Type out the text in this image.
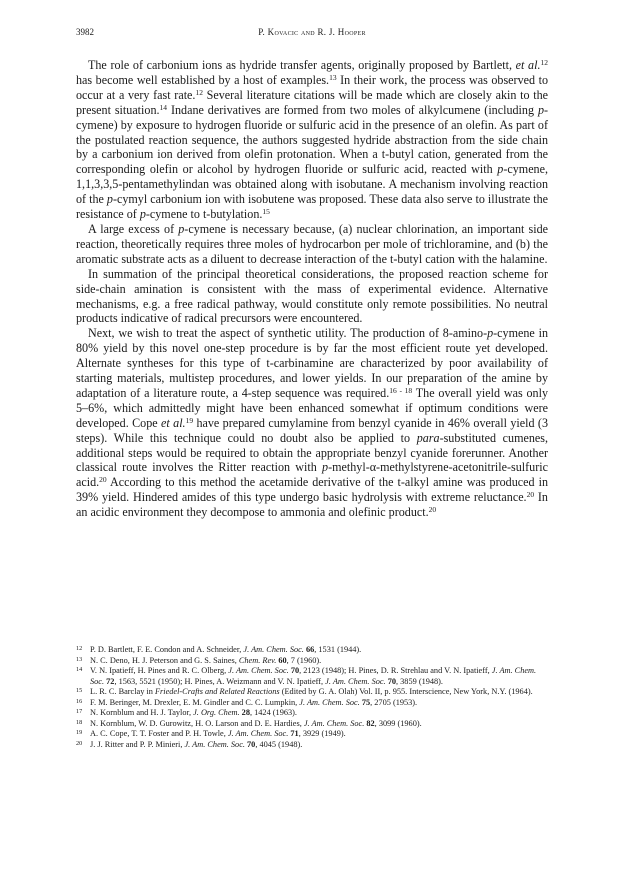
3982	P. Kovacic and R. J. Hooper

The role of carbonium ions as hydride transfer agents, originally proposed by Bartlett, et al.$^{12}$ has become well established by a host of examples.$^{13}$ In their work, the process was observed to occur at a very fast rate.$^{12}$ Several literature citations will be made which are closely akin to the present situation.$^{14}$ Indane derivatives are formed from two moles of alkylcumene (including p-cymene) by exposure to hydrogen fluoride or sulfuric acid in the presence of an olefin. As part of the postulated reaction sequence, the authors suggested hydride abstraction from the side chain by a carbonium ion derived from olefin protonation. When a t-butyl cation, generated from the corresponding olefin or alcohol by hydrogen fluoride or sulfuric acid, reacted with p-cymene, 1,1,3,3,5-pentamethylindan was obtained along with isobutane. A mechanism involving reaction of the p-cymyl carbonium ion with isobutene was proposed. These data also serve to illustrate the resistance of p-cymene to t-butylation.$^{15}$

A large excess of p-cymene is necessary because, (a) nuclear chlorination, an important side reaction, theoretically requires three moles of hydrocarbon per mole of trichloramine, and (b) the aromatic substrate acts as a diluent to decrease interaction of the t-butyl cation with the halamine.

In summation of the principal theoretical considerations, the proposed reaction scheme for side-chain amination is consistent with the mass of experimental evidence. Alternative mechanisms, e.g. a free radical pathway, would constitute only remote possibilities. No neutral products indicative of radical precursors were encountered.

Next, we wish to treat the aspect of synthetic utility. The production of 8-amino-p-cymene in 80% yield by this novel one-step procedure is by far the most efficient route yet developed. Alternate syntheses for this type of t-carbinamine are characterized by poor availability of starting materials, multistep procedures, and lower yields. In our preparation of the amine by adaptation of a literature route, a 4-step sequence was required.$^{16 - 18}$ The overall yield was only 5–6%, which admittedly might have been enhanced somewhat if optimum conditions were developed. Cope et al.$^{19}$ have prepared cumylamine from benzyl cyanide in 46% overall yield (3 steps). While this technique could no doubt also be applied to para-substituted cumenes, additional steps would be required to obtain the appropriate benzyl cyanide forerunner. Another classical route involves the Ritter reaction with p-methyl-α-methylstyrene-acetonitrile-sulfuric acid.$^{20}$ According to this method the acetamide derivative of the t-alkyl amine was produced in 39% yield. Hindered amides of this type undergo basic hydrolysis with extreme reluctance.$^{20}$ In an acidic environment they decompose to ammonia and olefinic product.$^{20}$

12 P. D. Bartlett, F. E. Condon and A. Schneider, J. Am. Chem. Soc. 66, 1531 (1944).
13 N. C. Deno, H. J. Peterson and G. S. Saines, Chem. Rev. 60, 7 (1960).
14 V. N. Ipatieff, H. Pines and R. C. Olberg, J. Am. Chem. Soc. 70, 2123 (1948); H. Pines, D. R. Strehlau and V. N. Ipatieff, J. Am. Chem. Soc. 72, 1563, 5521 (1950); H. Pines, A. Weizmann and V. N. Ipatieff, J. Am. Chem. Soc. 70, 3859 (1948).
15 L. R. C. Barclay in Friedel-Crafts and Related Reactions (Edited by G. A. Olah) Vol. II, p. 955. Interscience, New York, N.Y. (1964).
16 F. M. Beringer, M. Drexler, E. M. Gindler and C. C. Lumpkin, J. Am. Chem. Soc. 75, 2705 (1953).
17 N. Kornblum and H. J. Taylor, J. Org. Chem. 28, 1424 (1963).
18 N. Kornblum, W. D. Gurowitz, H. O. Larson and D. E. Hardies, J. Am. Chem. Soc. 82, 3099 (1960).
19 A. C. Cope, T. T. Foster and P. H. Towle, J. Am. Chem. Soc. 71, 3929 (1949).
20 J. J. Ritter and P. P. Minieri, J. Am. Chem. Soc. 70, 4045 (1948).
